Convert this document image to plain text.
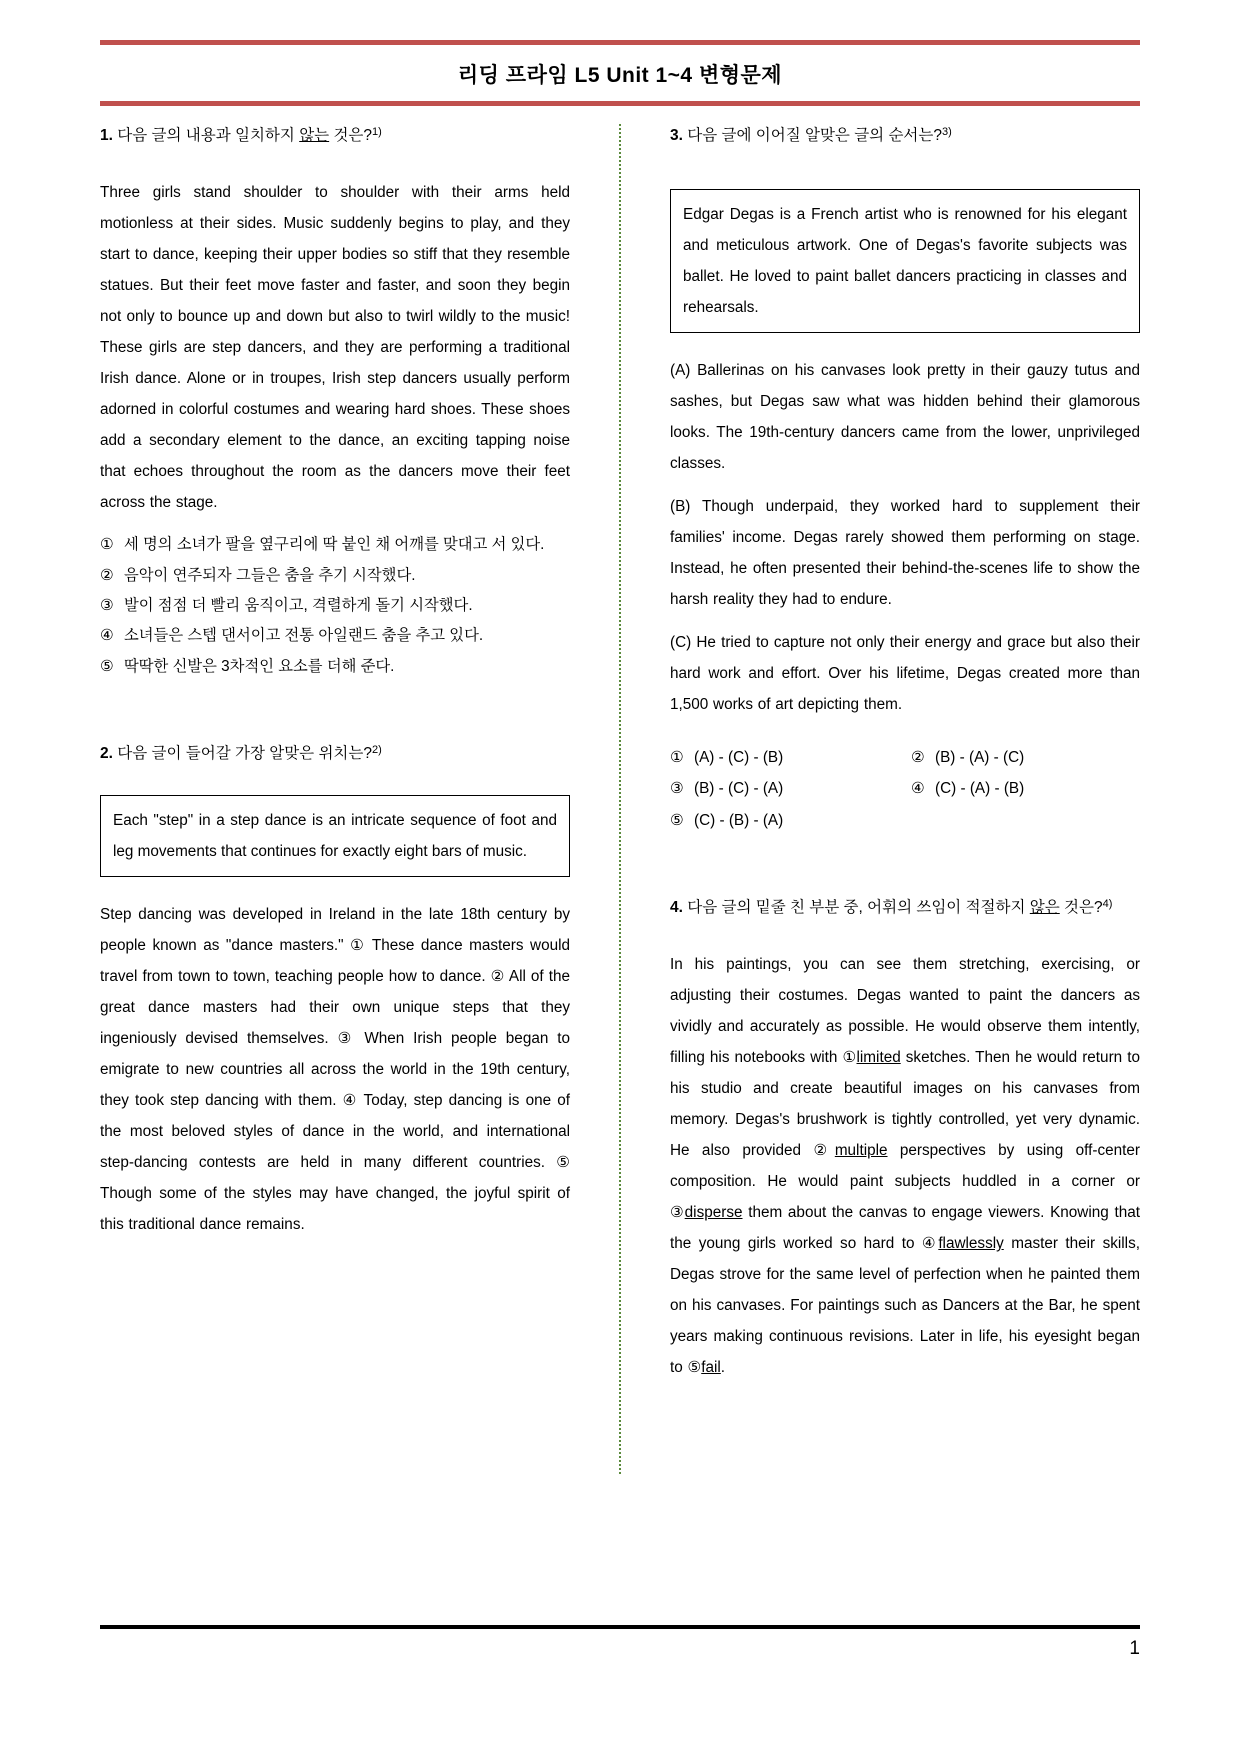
리딩 프라임 L5 Unit 1~4 변형문제
1. 다음 글의 내용과 일치하지 않는 것은?$^{1)}$

Three girls stand shoulder to shoulder with their arms held motionless at their sides. Music suddenly begins to play, and they start to dance, keeping their upper bodies so stiff that they resemble statues. But their feet move faster and faster, and soon they begin not only to bounce up and down but also to twirl wildly to the music! These girls are step dancers, and they are performing a traditional Irish dance. Alone or in troupes, Irish step dancers usually perform adorned in colorful costumes and wearing hard shoes. These shoes add a secondary element to the dance, an exciting tapping noise that echoes throughout the room as the dancers move their feet across the stage.

① 세 명의 소녀가 팔을 옆구리에 딱 붙인 채 어깨를 맞대고 서 있다.
② 음악이 연주되자 그들은 춤을 추기 시작했다.
③ 발이 점점 더 빨리 움직이고, 격렬하게 돌기 시작했다.
④ 소녀들은 스텝 댄서이고 전통 아일랜드 춤을 추고 있다.
⑤ 딱딱한 신발은 3차적인 요소를 더해 준다.
2. 다음 글이 들어갈 가장 알맞은 위치는?$^{2)}$
Each "step" in a step dance is an intricate sequence of foot and leg movements that continues for exactly eight bars of music.

Step dancing was developed in Ireland in the late 18th century by people known as "dance masters." ① These dance masters would travel from town to town, teaching people how to dance. ② All of the great dance masters had their own unique steps that they ingeniously devised themselves. ③ When Irish people began to emigrate to new countries all across the world in the 19th century, they took step dancing with them. ④ Today, step dancing is one of the most beloved styles of dance in the world, and international step-dancing contests are held in many different countries. ⑤ Though some of the styles may have changed, the joyful spirit of this traditional dance remains.

3. 다음 글에 이어질 알맞은 글의 순서는?$^{3)}$
Edgar Degas is a French artist who is renowned for his elegant and meticulous artwork. One of Degas's favorite subjects was ballet. He loved to paint ballet dancers practicing in classes and rehearsals.

(A) Ballerinas on his canvases look pretty in their gauzy tutus and sashes, but Degas saw what was hidden behind their glamorous looks. The 19th-century dancers came from the lower, unprivileged classes.

(B) Though underpaid, they worked hard to supplement their families' income. Degas rarely showed them performing on stage. Instead, he often presented their behind-the-scenes life to show the harsh reality they had to endure.

(C) He tried to capture not only their energy and grace but also their hard work and effort. Over his lifetime, Degas created more than 1,500 works of art depicting them.

① (A) - (C) - (B)	② (B) - (A) - (C)
③ (B) - (C) - (A)	④ (C) - (A) - (B)
⑤ (C) - (B) - (A)
4. 다음 글의 밑줄 친 부분 중, 어휘의 쓰임이 적절하지 않은 것은?$^{4)}$

In his paintings, you can see them stretching, exercising, or adjusting their costumes. Degas wanted to paint the dancers as vividly and accurately as possible. He would observe them intently, filling his notebooks with ①limited sketches. Then he would return to his studio and create beautiful images on his canvases from memory. Degas's brushwork is tightly controlled, yet very dynamic. He also provided ②multiple perspectives by using off-center composition. He would paint subjects huddled in a corner or ③disperse them about the canvas to engage viewers. Knowing that the young girls worked so hard to ④flawlessly master their skills, Degas strove for the same level of perfection when he painted them on his canvases. For paintings such as Dancers at the Bar, he spent years making continuous revisions. Later in life, his eyesight began to ⑤fail.

1
